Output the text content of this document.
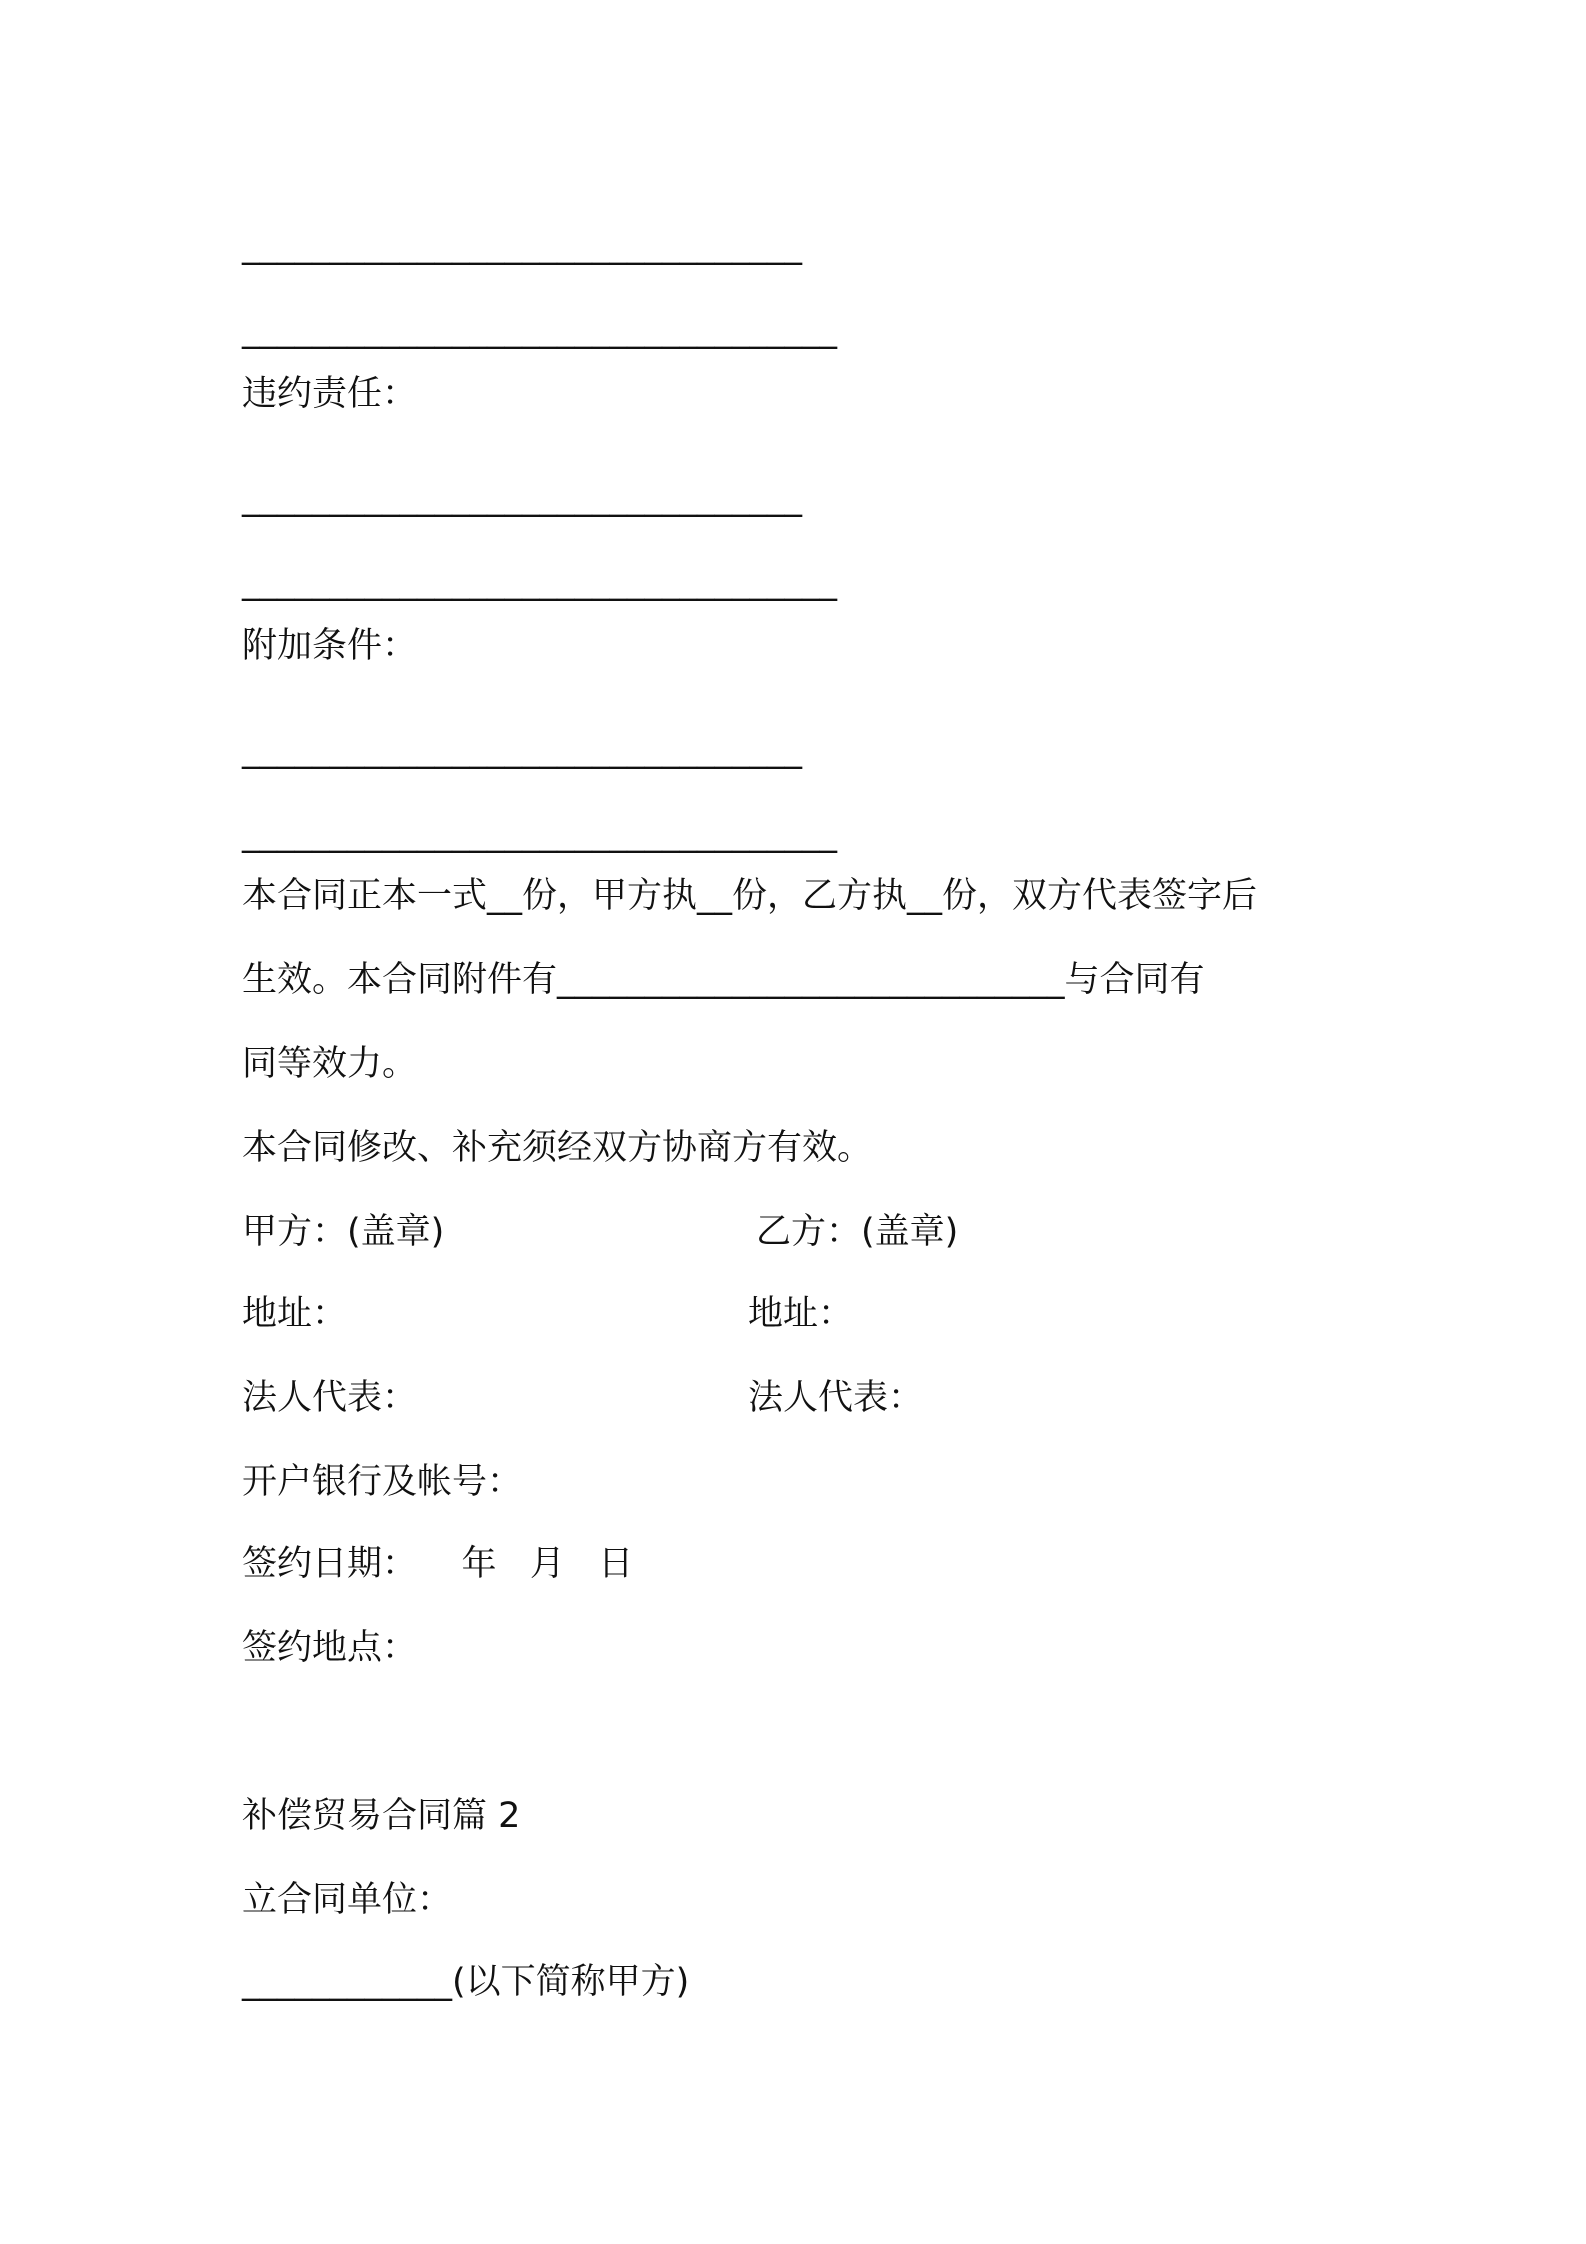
________________________________
__________________________________
违约责任：
________________________________
__________________________________
附加条件：
________________________________
__________________________________
本合同正本一式__份，甲方执__份，乙方执__份，双方代表签字后
生效。本合同附件有_____________________________与合同有
同等效力。
本合同修改、补充须经双方协商方有效。
甲方：(盖章)	乙方：(盖章)
地址：	地址：
法人代表：	法人代表：
开户银行及帐号：
签约日期：    年   月   日
签约地点：
补偿贸易合同篇 2
立合同单位：
____________(以下简称甲方)
